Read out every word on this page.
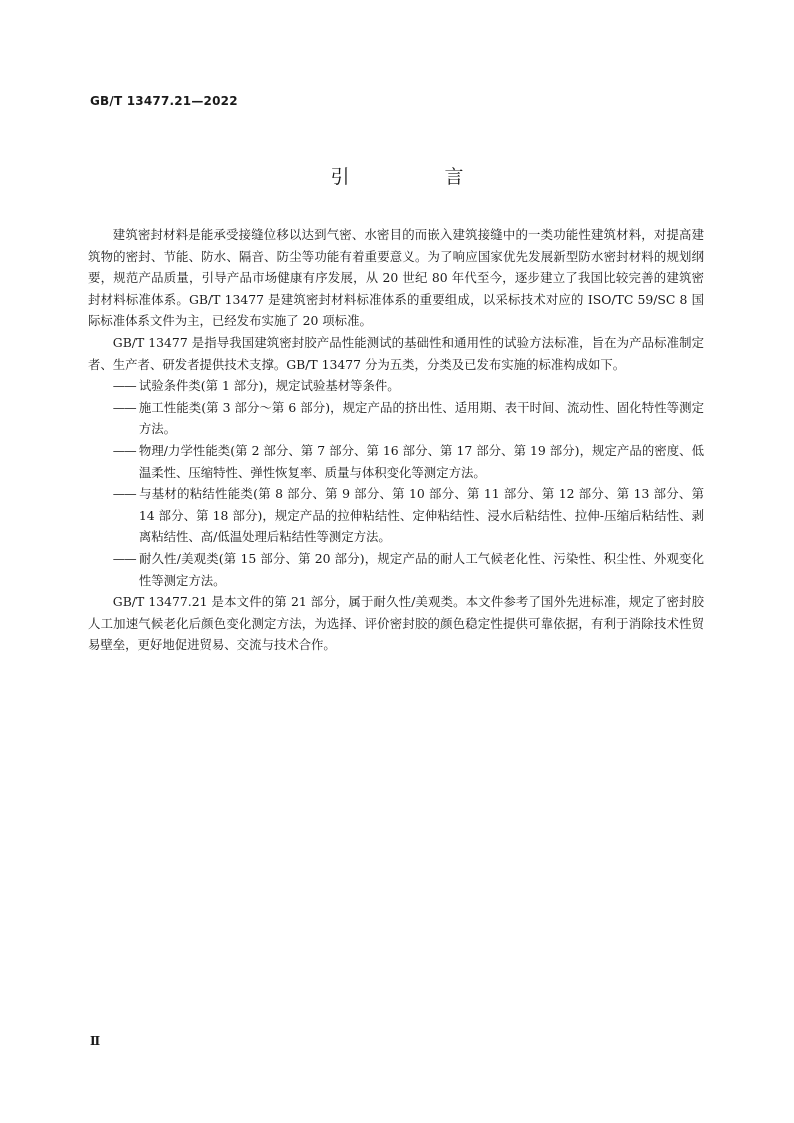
GB/T 13477.21—2022
引　言

建筑密封材料是能承受接缝位移以达到气密、水密目的而嵌入建筑接缝中的一类功能性建筑材料，对提高建筑物的密封、节能、防水、隔音、防尘等功能有着重要意义。为了响应国家优先发展新型防水密封材料的规划纲要，规范产品质量，引导产品市场健康有序发展，从 20 世纪 80 年代至今，逐步建立了我国比较完善的建筑密封材料标准体系。GB/T 13477 是建筑密封材料标准体系的重要组成，以采标技术对应的 ISO/TC 59/SC 8 国际标准体系文件为主，已经发布实施了 20 项标准。

GB/T 13477 是指导我国建筑密封胶产品性能测试的基础性和通用性的试验方法标准，旨在为产品标准制定者、生产者、研发者提供技术支撑。GB/T 13477 分为五类，分类及已发布实施的标准构成如下。

—— 试验条件类(第 1 部分)，规定试验基材等条件。
—— 施工性能类(第 3 部分～第 6 部分)，规定产品的挤出性、适用期、表干时间、流动性、固化特性等测定方法。
—— 物理/力学性能类(第 2 部分、第 7 部分、第 16 部分、第 17 部分、第 19 部分)，规定产品的密度、低温柔性、压缩特性、弹性恢复率、质量与体积变化等测定方法。
—— 与基材的粘结性能类(第 8 部分、第 9 部分、第 10 部分、第 11 部分、第 12 部分、第 13 部分、第 14 部分、第 18 部分)，规定产品的拉伸粘结性、定伸粘结性、浸水后粘结性、拉伸-压缩后粘结性、剥离粘结性、高/低温处理后粘结性等测定方法。
—— 耐久性/美观类(第 15 部分、第 20 部分)，规定产品的耐人工气候老化性、污染性、积尘性、外观变化性等测定方法。

GB/T 13477.21 是本文件的第 21 部分，属于耐久性/美观类。本文件参考了国外先进标准，规定了密封胶人工加速气候老化后颜色变化测定方法，为选择、评价密封胶的颜色稳定性提供可靠依据，有利于消除技术性贸易壁垒，更好地促进贸易、交流与技术合作。

Ⅱ
